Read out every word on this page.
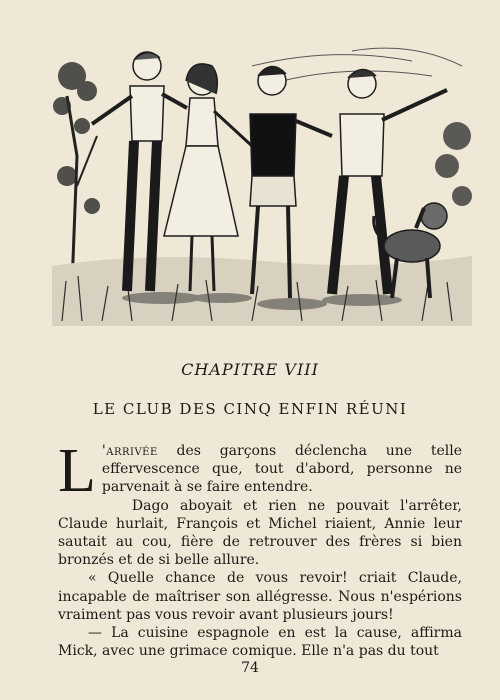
CHAPITRE VIII
LE CLUB DES CINQ ENFIN RÉUNI

L 'arrivée des garçons déclencha une telle effervescence que, tout d'abord, personne ne parvenait à se faire entendre.

Dago aboyait et rien ne pouvait l'arrêter, Claude hurlait, François et Michel riaient, Annie leur sautait au cou, fière de retrouver des frères si bien bronzés et de si belle allure.

« Quelle chance de vous revoir! criait Claude, incapable de maîtriser son allégresse. Nous n'espérions vraiment pas vous revoir avant plusieurs jours!

— La cuisine espagnole en est la cause, affirma Mick, avec une grimace comique. Elle n'a pas du tout

74
